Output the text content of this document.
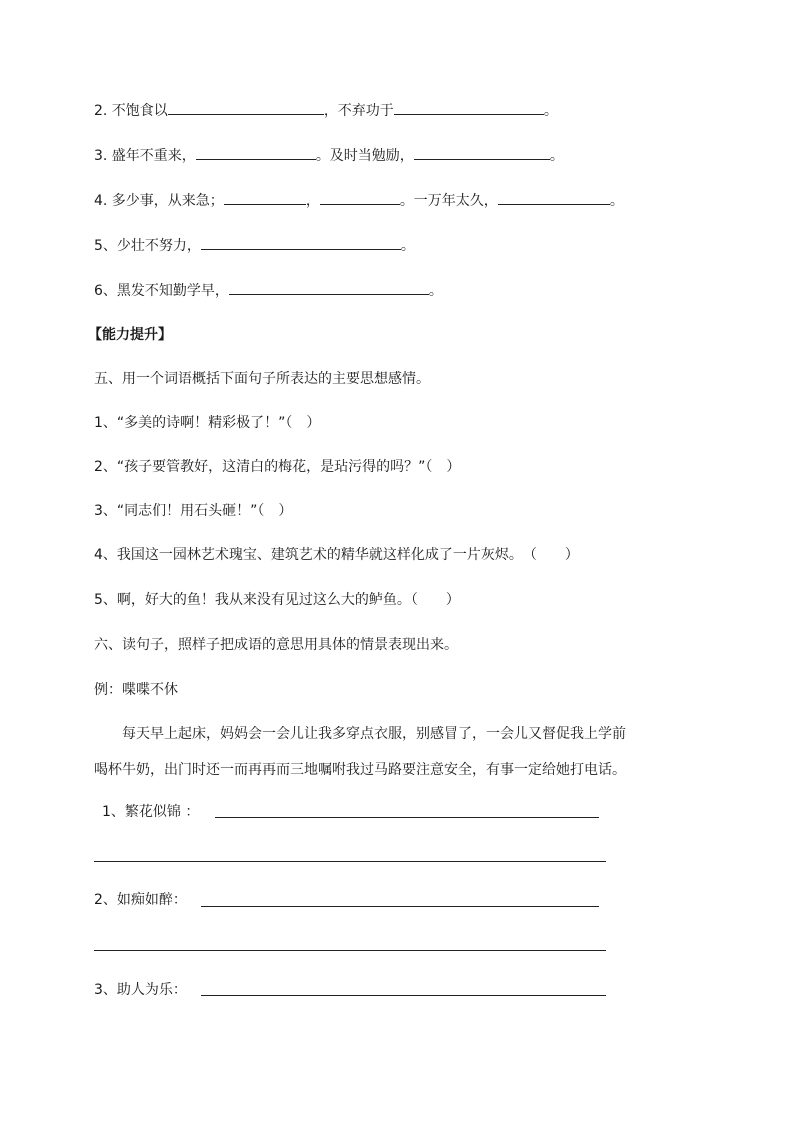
2. 不饱食以	，不弃功于	。
3. 盛年不重来，	。及时当勉励，	。
4. 多少事，从来急；	，	。一万年太久，	。
5、少壮不努力，	。
6、黑发不知勤学早，	。
【能力提升】
五、用一个词语概括下面句子所表达的主要思想感情。
1、“多美的诗啊！精彩极了！”（　）
2、“孩子要管教好，这清白的梅花，是玷污得的吗？”（　）
3、“同志们！用石头砸！”（　）
4、我国这一园林艺术瑰宝、建筑艺术的精华就这样化成了一片灰烬。　（　　）
5、啊，好大的鱼！我从来没有见过这么大的鲈鱼。（　　）
六、读句子，照样子把成语的意思用具体的情景表现出来。
例：喋喋不休
每天早上起床，妈妈会一会儿让我多穿点衣服，别感冒了，一会儿又督促我上学前
喝杯牛奶，出门时还一而再再而三地嘱咐我过马路要注意安全，有事一定给她打电话。
1、繁花似锦 ：
2、如痴如醉：
3、助人为乐：
